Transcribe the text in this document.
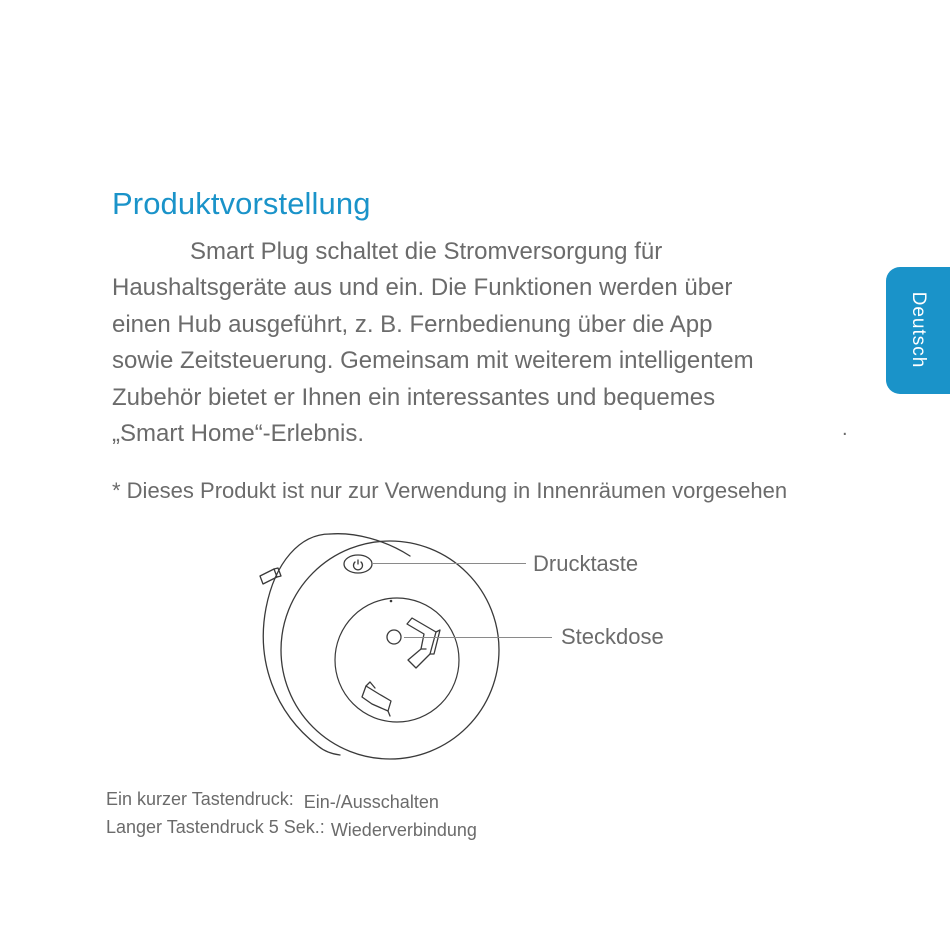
Produktvorstellung
Smart Plug schaltet die Stromversorgung für
Haushaltsgeräte aus und ein. Die Funktionen werden über
einen Hub ausgeführt, z. B. Fernbedienung über die App
sowie Zeitsteuerung. Gemeinsam mit weiterem intelligentem
Zubehör bietet er Ihnen ein interessantes und bequemes
„Smart Home“-Erlebnis.	.
* Dieses Produkt ist nur zur Verwendung in Innenräumen vorgesehen
Deutsch
Drucktaste
Steckdose
Ein kurzer Tastendruck: Ein-/Ausschalten
Langer Tastendruck 5 Sek.: Wiederverbindung
